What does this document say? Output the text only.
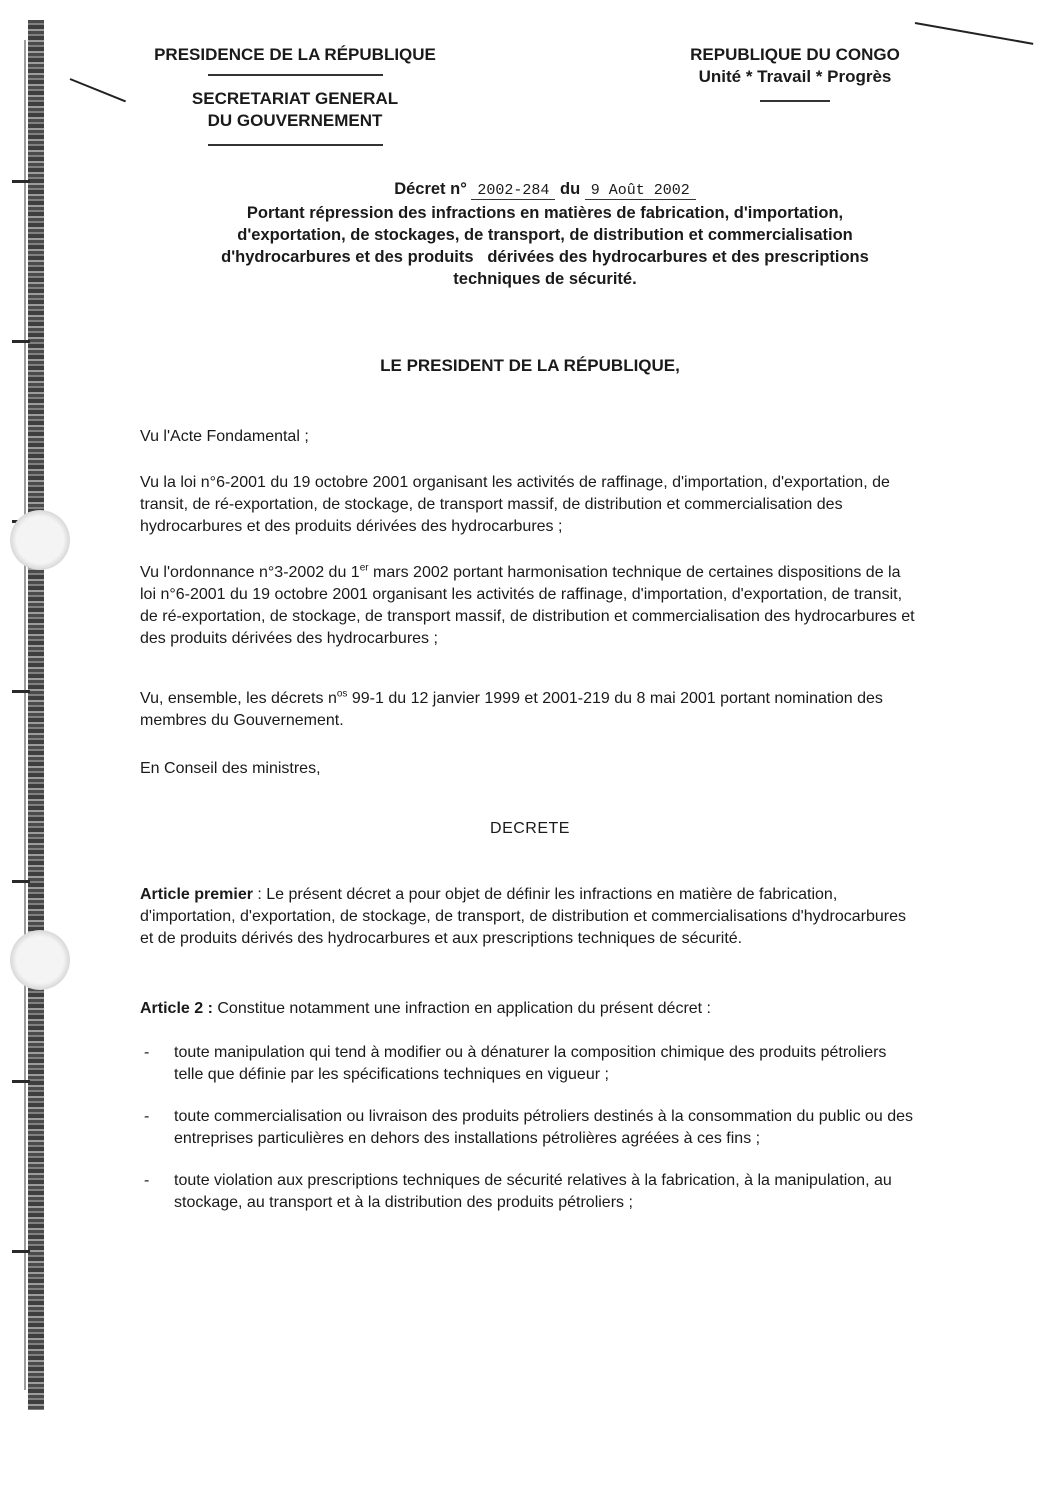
PRESIDENCE DE LA RÉPUBLIQUE
SECRETARIAT GENERAL
DU GOUVERNEMENT
REPUBLIQUE DU CONGO
Unité * Travail * Progrès
Décret n° 2002-284 du 9 Août 2002
Portant répression des infractions en matières de fabrication, d'importation,
d'exportation, de stockages, de transport, de distribution et commercialisation
d'hydrocarbures et des produits   dérivées des hydrocarbures et des prescriptions
techniques de sécurité.
LE PRESIDENT DE LA RÉPUBLIQUE,

Vu l'Acte Fondamental ;

Vu la loi n°6-2001 du 19 octobre 2001 organisant les activités de raffinage, d'importation, d'exportation, de transit, de ré-exportation, de stockage, de transport massif, de distribution et commercialisation des hydrocarbures et des produits dérivées des hydrocarbures ;

Vu l'ordonnance n°3-2002 du 1er mars 2002 portant harmonisation technique de certaines dispositions de la loi n°6-2001 du 19 octobre 2001 organisant les activités de raffinage, d'importation, d'exportation, de transit, de ré-exportation, de stockage, de transport massif, de distribution et commercialisation des hydrocarbures et des produits dérivées des hydrocarbures ;

Vu, ensemble, les décrets $n^{os}$ 99-1 du 12 janvier 1999 et 2001-219 du 8 mai 2001 portant nomination des membres du Gouvernement.

En Conseil des ministres,

DECRETE

Article premier : Le présent décret a pour objet de définir les infractions en matière de fabrication, d'importation, d'exportation, de stockage, de transport, de distribution et commercialisations d'hydrocarbures et de produits dérivés des hydrocarbures et aux prescriptions techniques de sécurité.

Article 2 : Constitue notamment une infraction en application du présent décret :

- toute manipulation qui tend à modifier ou à dénaturer la composition chimique des produits pétroliers telle que définie par les spécifications techniques en vigueur ;
- toute commercialisation ou livraison des produits pétroliers destinés à la consommation du public ou des entreprises particulières en dehors des installations pétrolières agréées à ces fins ;
- toute violation aux prescriptions techniques de sécurité relatives à la fabrication, à la manipulation, au stockage, au transport et à la distribution des produits pétroliers ;
